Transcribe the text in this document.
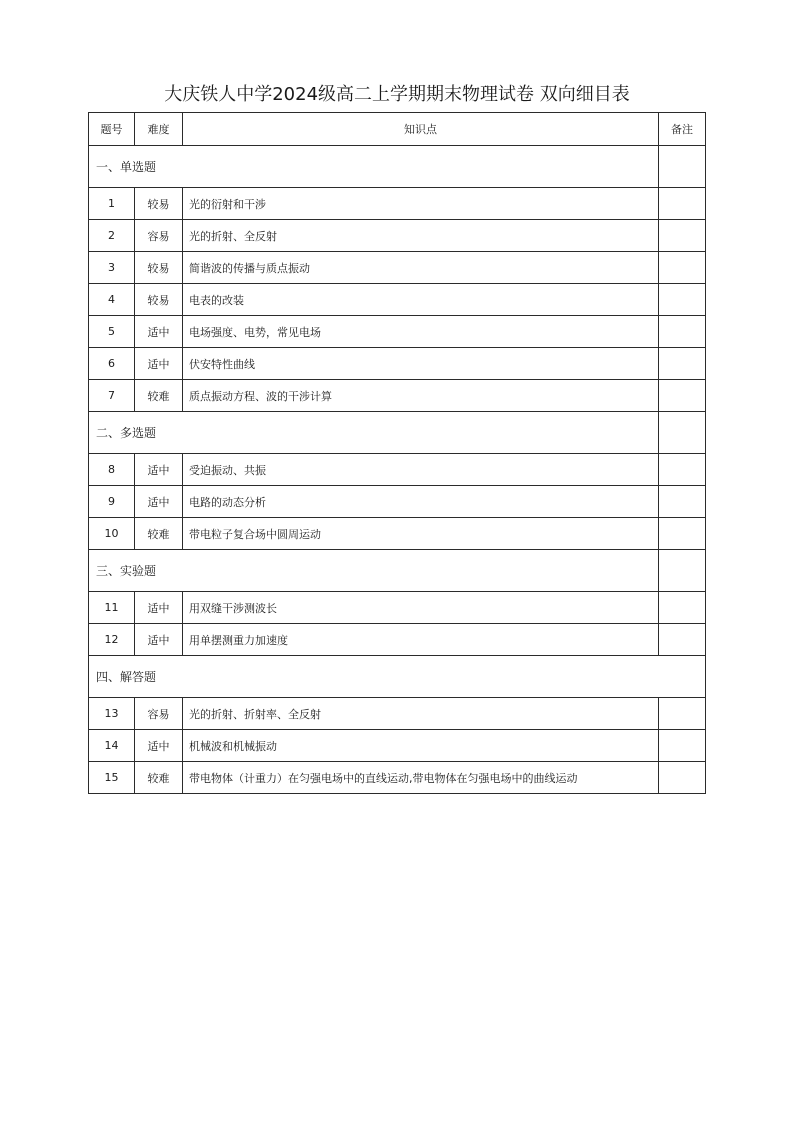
大庆铁人中学2024级高二上学期期末物理试卷 双向细目表
题号	难度	知识点	备注
一、单选题			
1	较易	光的衍射和干涉	
2	容易	光的折射、全反射	
3	较易	简谐波的传播与质点振动	
4	较易	电表的改装	
5	适中	电场强度、电势，常见电场	
6	适中	伏安特性曲线	
7	较难	质点振动方程、波的干涉计算	
二、多选题			
8	适中	受迫振动、共振	
9	适中	电路的动态分析	
10	较难	带电粒子复合场中圆周运动	
三、实验题			
11	适中	用双缝干涉测波长	
12	适中	用单摆测重力加速度	
四、解答题			
13	容易	光的折射、折射率、全反射	
14	适中	机械波和机械振动	
15	较难	带电物体（计重力）在匀强电场中的直线运动,带电物体在匀强电场中的曲线运动	
